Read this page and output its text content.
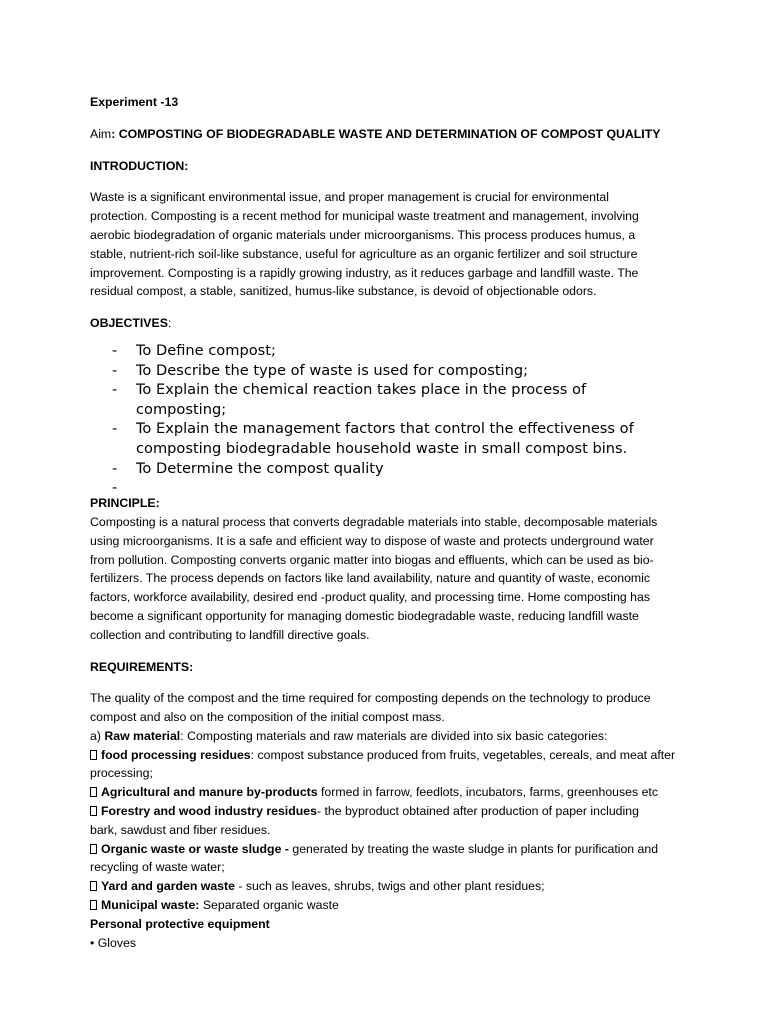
Experiment -13

Aim: COMPOSTING OF BIODEGRADABLE WASTE AND DETERMINATION OF COMPOST QUALITY

INTRODUCTION:

Waste is a significant environmental issue, and proper management is crucial for environmental
protection. Composting is a recent method for municipal waste treatment and management, involving
aerobic biodegradation of organic materials under microorganisms. This process produces humus, a
stable, nutrient-rich soil-like substance, useful for agriculture as an organic fertilizer and soil structure
improvement. Composting is a rapidly growing industry, as it reduces garbage and landfill waste. The
residual compost, a stable, sanitized, humus-like substance, is devoid of objectionable odors.

OBJECTIVES:

- To Define compost;
- To Describe the type of waste is used for composting;
- To Explain the chemical reaction takes place in the process of
composting;
- To Explain the management factors that control the effectiveness of
composting biodegradable household waste in small compost bins.
- To Determine the compost quality
-

PRINCIPLE:

Composting is a natural process that converts degradable materials into stable, decomposable materials
using microorganisms. It is a safe and efficient way to dispose of waste and protects underground water
from pollution. Composting converts organic matter into biogas and effluents, which can be used as bio-
fertilizers. The process depends on factors like land availability, nature and quantity of waste, economic
factors, workforce availability, desired end -product quality, and processing time. Home composting has
become a significant opportunity for managing domestic biodegradable waste, reducing landfill waste
collection and contributing to landfill directive goals.

REQUIREMENTS:

The quality of the compost and the time required for composting depends on the technology to produce
compost and also on the composition of the initial compost mass.

a) Raw material: Composting materials and raw materials are divided into six basic categories:

food processing residues: compost substance produced from fruits, vegetables, cereals, and meat after
processing;
Agricultural and manure by-products formed in farrow, feedlots, incubators, farms, greenhouses etc
Forestry and wood industry residues- the byproduct obtained after production of paper including
bark, sawdust and fiber residues.
Organic waste or waste sludge - generated by treating the waste sludge in plants for purification and
recycling of waste water;
Yard and garden waste - such as leaves, shrubs, twigs and other plant residues;
Municipal waste: Separated organic waste

Personal protective equipment

• Gloves
